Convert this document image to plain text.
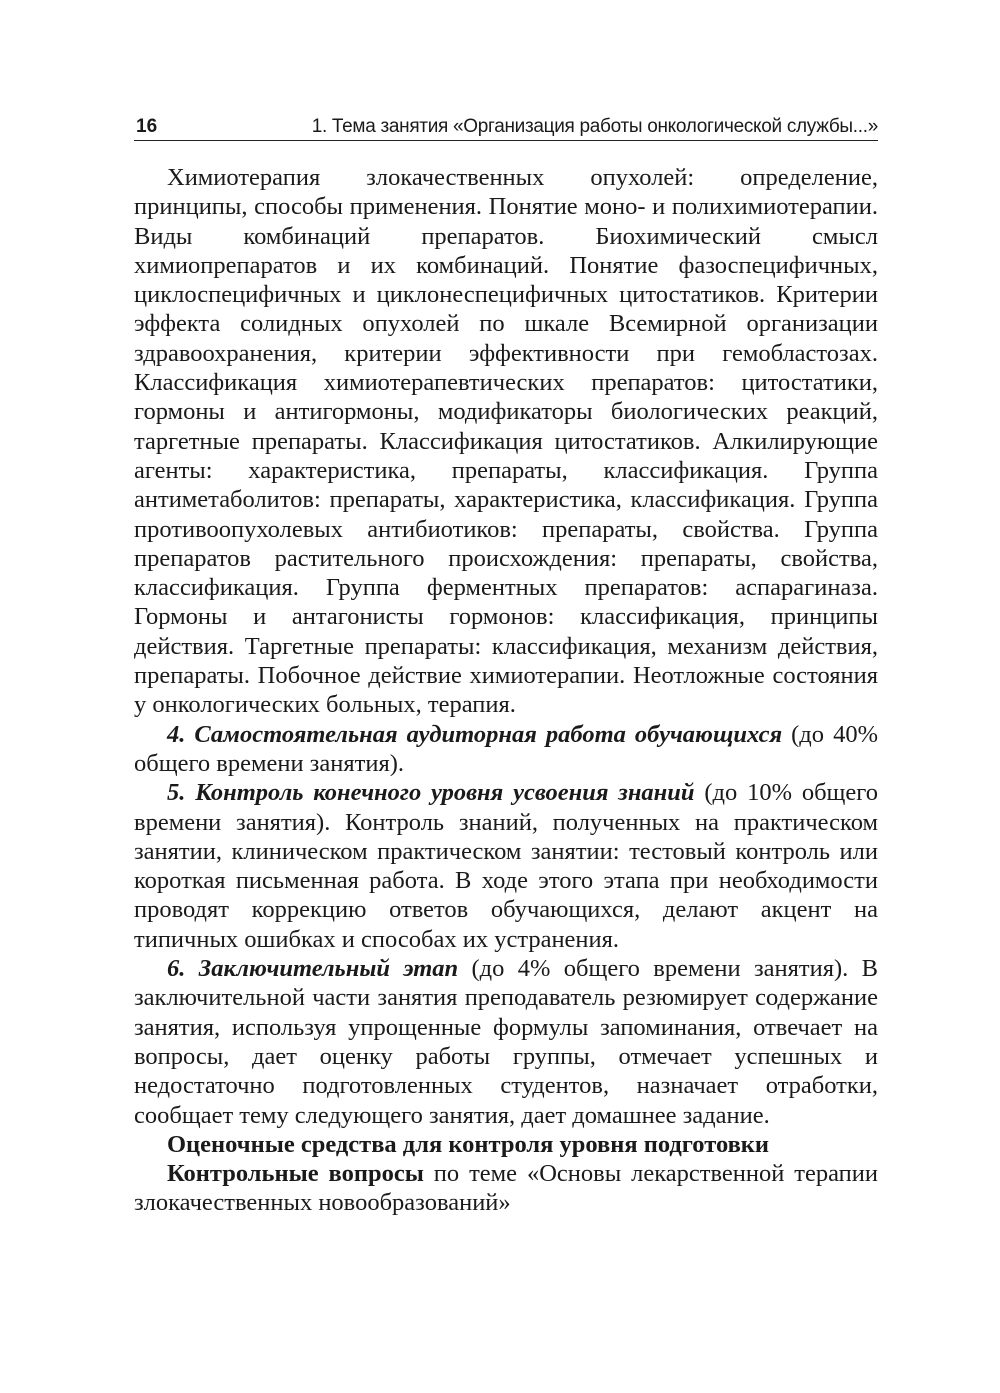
16	1. Тема занятия «Организация работы онкологической службы...»

Химиотерапия злокачественных опухолей: определение, принципы, способы применения. Понятие моно- и полихимиотерапии. Виды комбинаций препаратов. Биохимический смысл химиопрепаратов и их комбинаций. Понятие фазоспецифичных, циклоспецифичных и циклонеспецифичных цитостатиков. Критерии эффекта солидных опухолей по шкале Всемирной организации здравоохранения, критерии эффективности при гемобластозах. Классификация химиотерапевтических препаратов: цитостатики, гормоны и антигормоны, модификаторы биологических реакций, таргетные препараты. Классификация цитостатиков. Алкилирующие агенты: характеристика, препараты, классификация. Группа антиметаболитов: препараты, характеристика, классификация. Группа противоопухолевых антибиотиков: препараты, свойства. Группа препаратов растительного происхождения: препараты, свойства, классификация. Группа ферментных препаратов: аспарагиназа. Гормоны и антагонисты гормонов: классификация, принципы действия. Таргетные препараты: классификация, механизм действия, препараты. Побочное действие химиотерапии. Неотложные состояния у онкологических больных, терапия.

4. Самостоятельная аудиторная работа обучающихся (до 40% общего времени занятия).

5. Контроль конечного уровня усвоения знаний (до 10% общего времени занятия). Контроль знаний, полученных на практическом занятии, клиническом практическом занятии: тестовый контроль или короткая письменная работа. В ходе этого этапа при необходимости проводят коррекцию ответов обучающихся, делают акцент на типичных ошибках и способах их устранения.

6. Заключительный этап (до 4% общего времени занятия). В заключительной части занятия преподаватель резюмирует содержание занятия, используя упрощенные формулы запоминания, отвечает на вопросы, дает оценку работы группы, отмечает успешных и недостаточно подготовленных студентов, назначает отработки, сообщает тему следующего занятия, дает домашнее задание.

Оценочные средства для контроля уровня подготовки

Контрольные вопросы по теме «Основы лекарственной терапии злокачественных новообразований»
